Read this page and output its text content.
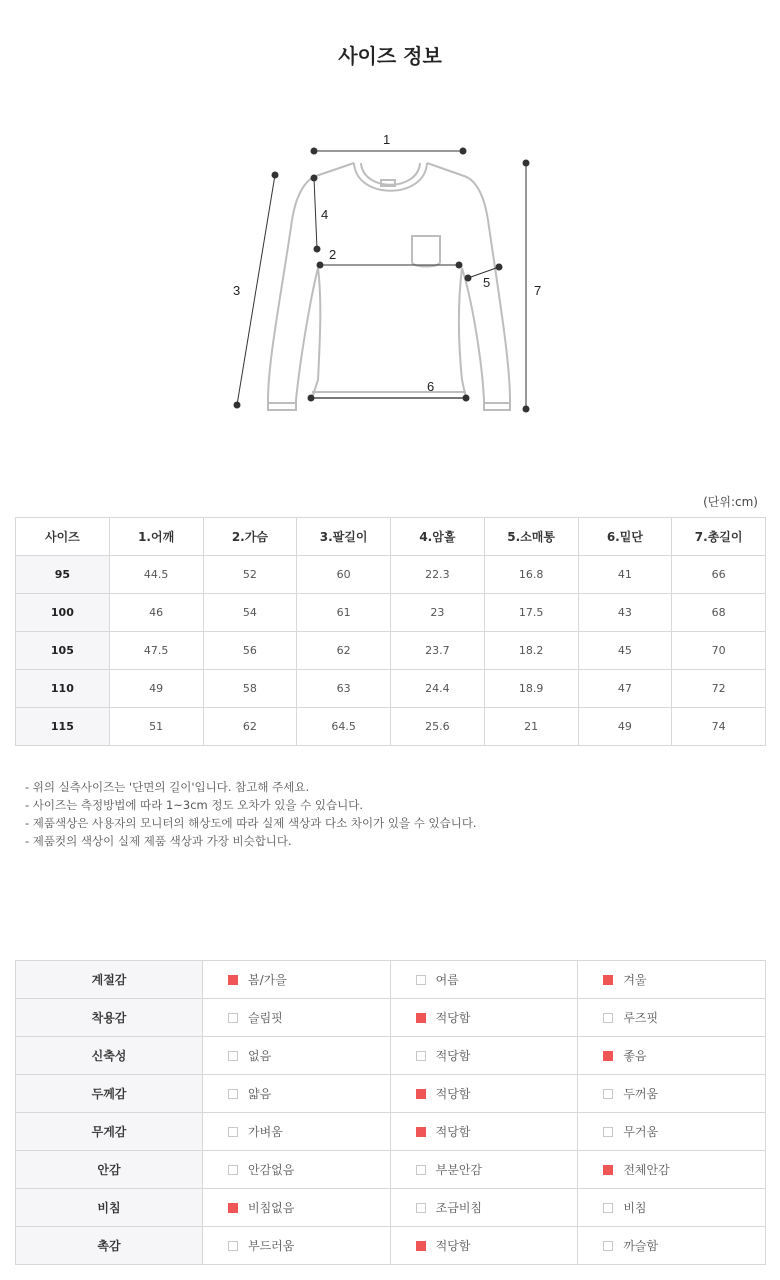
사이즈 정보
1
2
3
4
5
6
7
(단위:cm)
사이즈	1.어깨	2.가슴	3.팔길이	4.암홀	5.소매통	6.밑단	7.총길이
95	44.5	52	60	22.3	16.8	41	66
100	46	54	61	23	17.5	43	68
105	47.5	56	62	23.7	18.2	45	70
110	49	58	63	24.4	18.9	47	72
115	51	62	64.5	25.6	21	49	74
- 위의 실측사이즈는 '단면의 길이'입니다. 참고해 주세요.
- 사이즈는 측정방법에 따라 1~3cm 정도 오차가 있을 수 있습니다.
- 제품색상은 사용자의 모니터의 해상도에 따라 실제 색상과 다소 차이가 있을 수 있습니다.
- 제품컷의 색상이 실제 제품 색상과 가장 비슷합니다.
계절감	봄/가을	여름	겨울
착용감	슬림핏	적당함	루즈핏
신축성	없음	적당함	좋음
두께감	얇음	적당함	두꺼움
무게감	가벼움	적당함	무거움
안감	안감없음	부분안감	전체안감
비침	비침없음	조금비침	비침
촉감	부드러움	적당함	까슬함
